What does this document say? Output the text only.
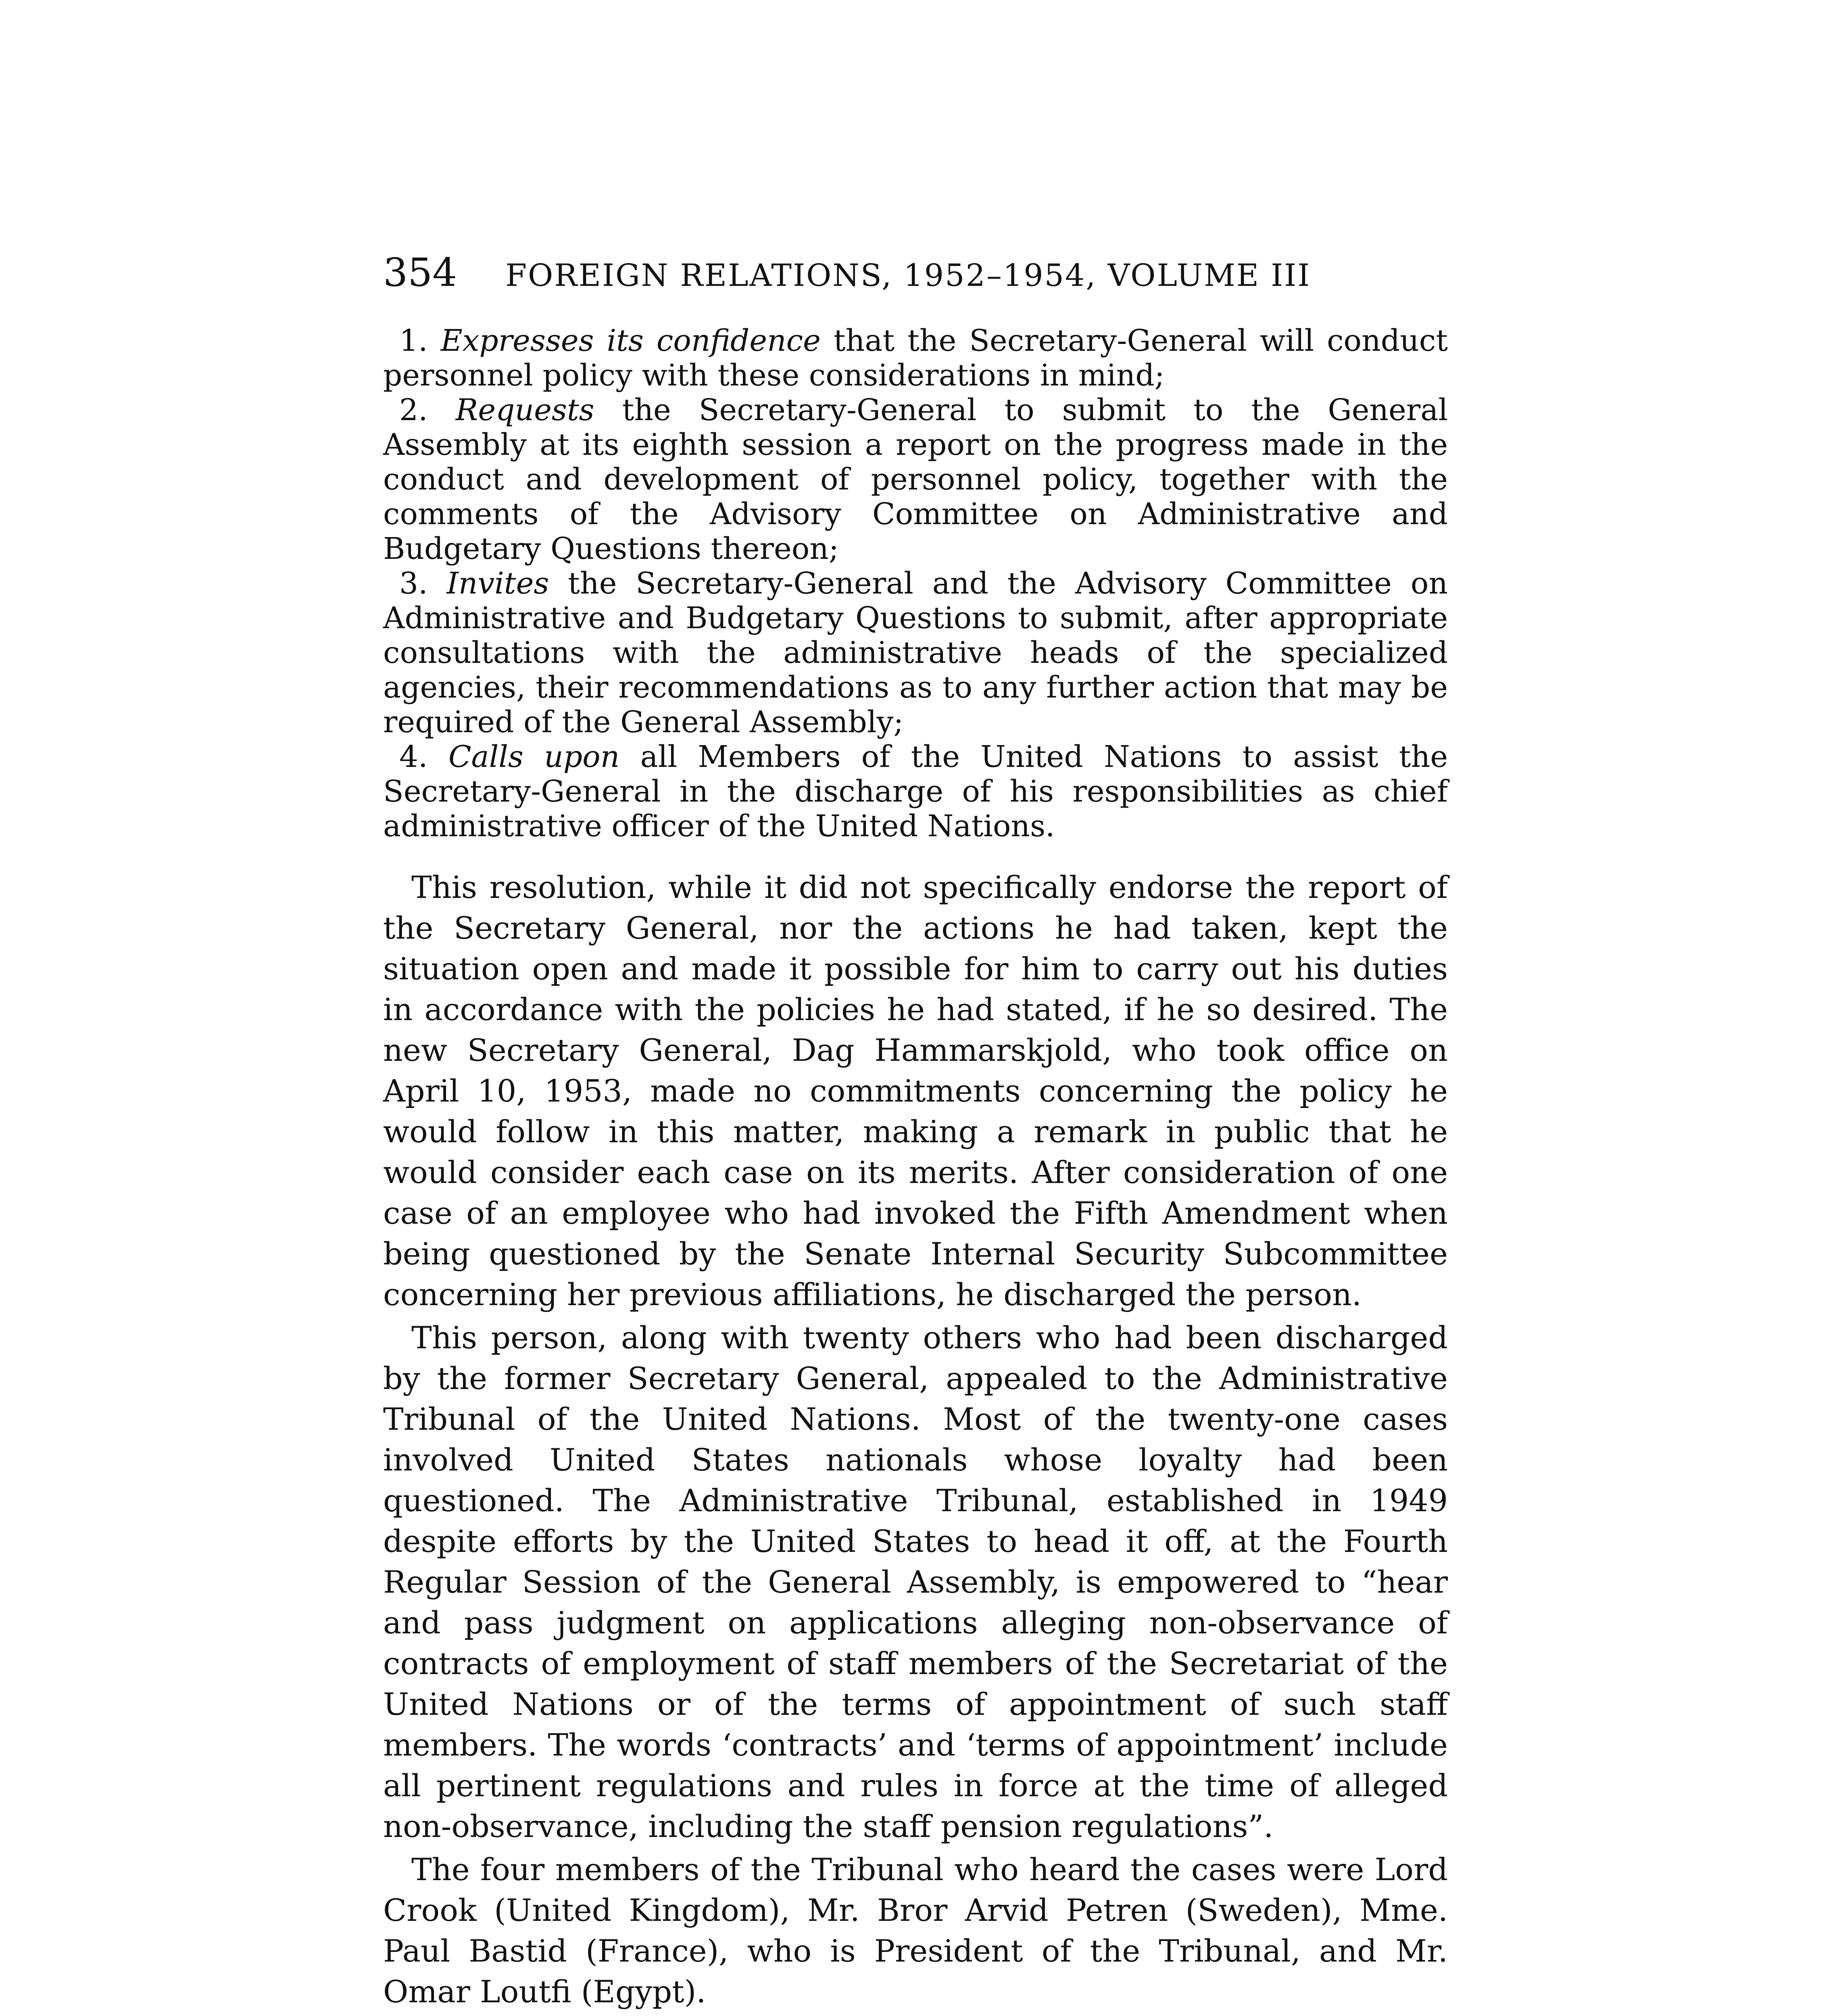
354 FOREIGN RELATIONS, 1952–1954, VOLUME III

1. Expresses its confidence that the Secretary-General will conduct personnel policy with these considerations in mind;

2. Requests the Secretary-General to submit to the General Assembly at its eighth session a report on the progress made in the conduct and development of personnel policy, together with the comments of the Advisory Committee on Administrative and Budgetary Questions thereon;

3. Invites the Secretary-General and the Advisory Committee on Administrative and Budgetary Questions to submit, after appropriate consultations with the administrative heads of the specialized agencies, their recommendations as to any further action that may be required of the General Assembly;

4. Calls upon all Members of the United Nations to assist the Secretary-General in the discharge of his responsibilities as chief administrative officer of the United Nations.

This resolution, while it did not specifically endorse the report of the Secretary General, nor the actions he had taken, kept the situation open and made it possible for him to carry out his duties in accordance with the policies he had stated, if he so desired. The new Secretary General, Dag Hammarskjold, who took office on April 10, 1953, made no commitments concerning the policy he would follow in this matter, making a remark in public that he would consider each case on its merits. After consideration of one case of an employee who had invoked the Fifth Amendment when being questioned by the Senate Internal Security Subcommittee concerning her previous affiliations, he discharged the person.

This person, along with twenty others who had been discharged by the former Secretary General, appealed to the Administrative Tribunal of the United Nations. Most of the twenty-one cases involved United States nationals whose loyalty had been questioned. The Administrative Tribunal, established in 1949 despite efforts by the United States to head it off, at the Fourth Regular Session of the General Assembly, is empowered to “hear and pass judgment on applications alleging non-observance of contracts of employment of staff members of the Secretariat of the United Nations or of the terms of appointment of such staff members. The words ‘contracts’ and ‘terms of appointment’ include all pertinent regulations and rules in force at the time of alleged non-observance, including the staff pension regulations”.

The four members of the Tribunal who heard the cases were Lord Crook (United Kingdom), Mr. Bror Arvid Petren (Sweden), Mme. Paul Bastid (France), who is President of the Tribunal, and Mr. Omar Loutfi (Egypt).
